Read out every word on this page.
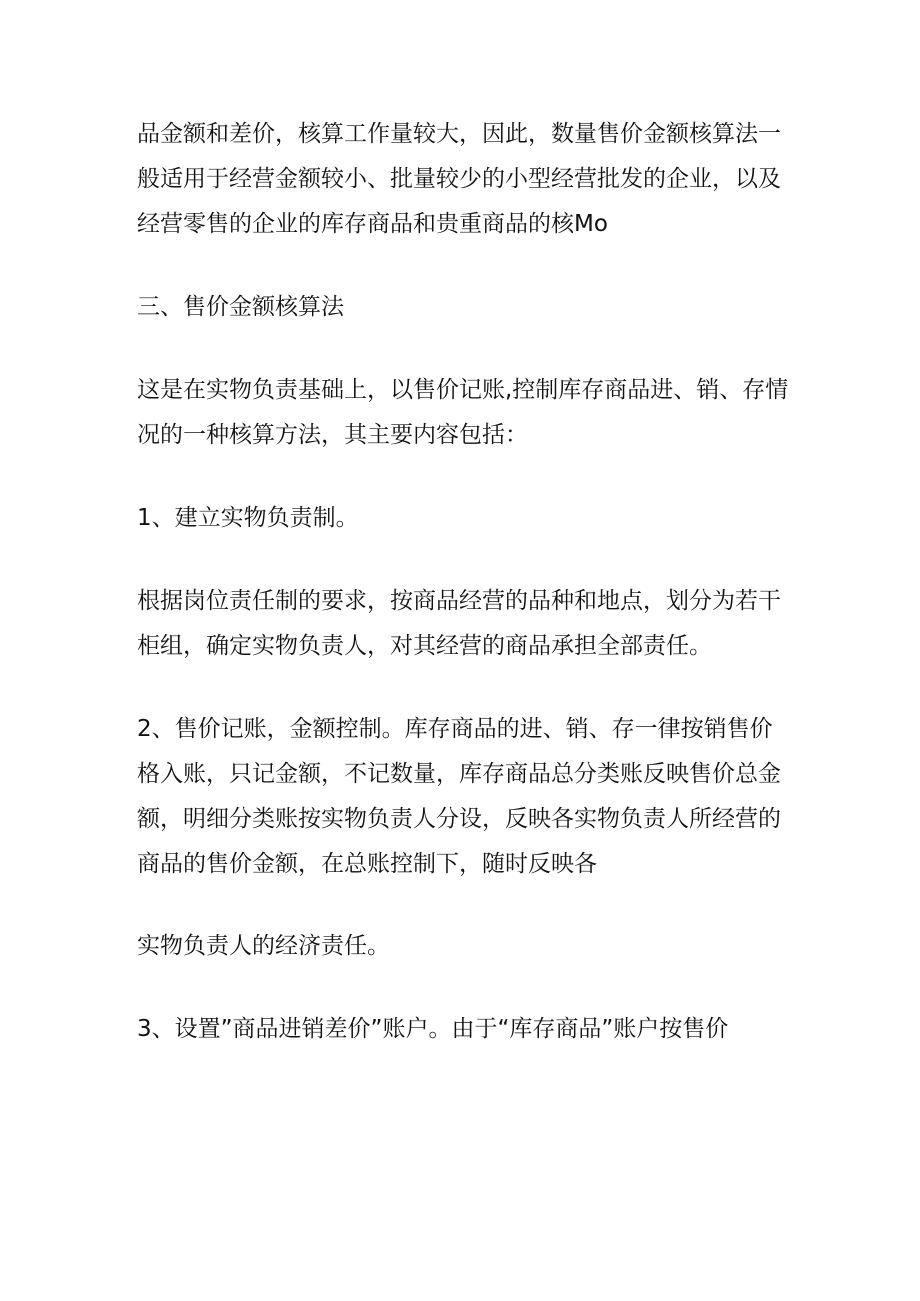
品金额和差价，核算工作量较大，因此，数量售价金额核算法一
般适用于经营金额较小、批量较少的小型经营批发的企业，以及
经营零售的企业的库存商品和贵重商品的核Mo
三、售价金额核算法
这是在实物负责基础上，以售价记账,控制库存商品进、销、存情
况的一种核算方法，其主要内容包括：
1、建立实物负责制。
根据岗位责任制的要求，按商品经营的品种和地点，划分为若干
柜组，确定实物负责人，对其经营的商品承担全部责任。
2、售价记账，金额控制。库存商品的进、销、存一律按销售价
格入账，只记金额，不记数量，库存商品总分类账反映售价总金
额，明细分类账按实物负责人分设，反映各实物负责人所经营的
商品的售价金额，在总账控制下，随时反映各
实物负责人的经济责任。
3、设置”商品进销差价”账户。由于“库存商品”账户按售价
